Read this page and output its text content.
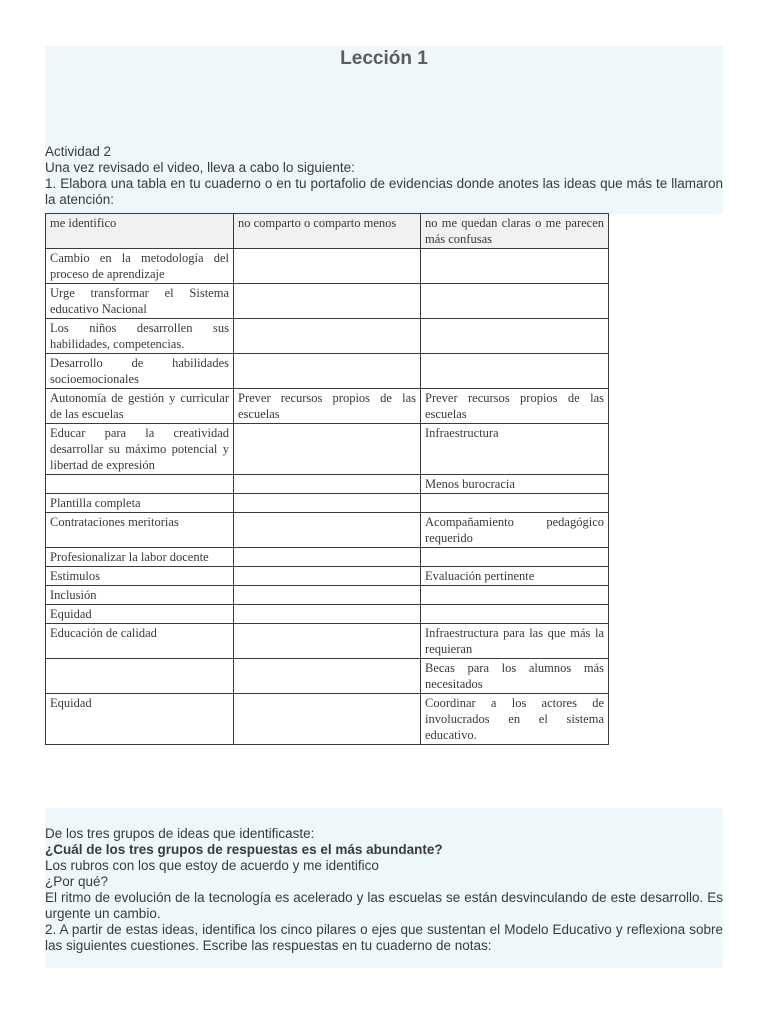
Lección 1
Actividad 2
Una vez revisado el video, lleva a cabo lo siguiente:
1. Elabora una tabla en tu cuaderno o en tu portafolio de evidencias donde anotes las ideas que más te llamaron la atención:
me identifico	no comparto o comparto menos	no me quedan claras o me parecen más confusas
Cambio en la metodología del proceso de aprendizaje		
Urge transformar el Sistema educativo Nacional		
Los niños desarrollen sus habilidades, competencias.		
Desarrollo de habilidades socioemocionales		
Autonomía de gestión y curricular de las escuelas	Prever recursos propios de las escuelas	Prever recursos propios de las escuelas
Educar para la creatividad desarrollar su máximo potencial y libertad de expresión		Infraestructura
		Menos burocracia
Plantilla completa		
Contrataciones meritorias		Acompañamiento pedagógico requerido
Profesionalizar la labor docente		
Estimulos		Evaluación pertinente
Inclusión		
Equidad		
Educación de calidad		Infraestructura para las que más la requieran
		Becas para los alumnos más necesitados
Equidad		Coordinar a los actores de involucrados en el sistema educativo.
De los tres grupos de ideas que identificaste:
¿Cuál de los tres grupos de respuestas es el más abundante?
Los rubros con los que estoy de acuerdo y me identifico
¿Por qué?
El ritmo de evolución de la tecnología es acelerado y las escuelas se están desvinculando de este desarrollo. Es urgente un cambio.
2. A partir de estas ideas, identifica los cinco pilares o ejes que sustentan el Modelo Educativo y reflexiona sobre las siguientes cuestiones. Escribe las respuestas en tu cuaderno de notas:
